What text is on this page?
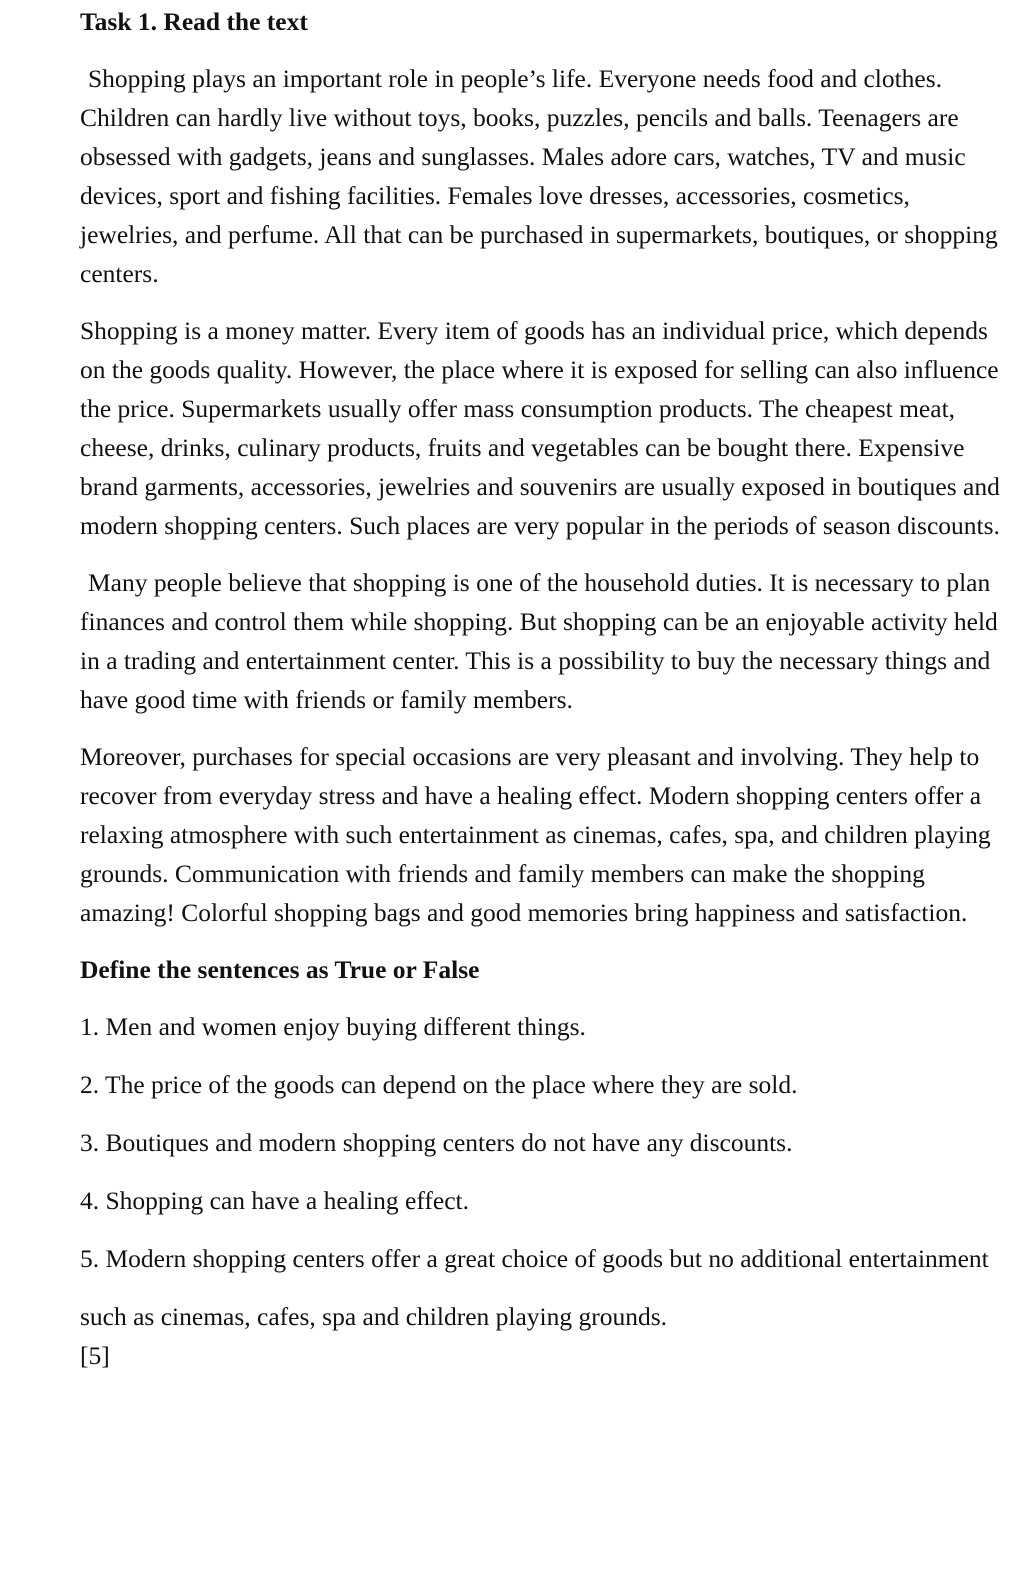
Task 1. Read the text

Shopping plays an important role in people’s life. Everyone needs food and clothes. Children can hardly live without toys, books, puzzles, pencils and balls. Teenagers are obsessed with gadgets, jeans and sunglasses. Males adore cars, watches, TV and music devices, sport and fishing facilities. Females love dresses, accessories, cosmetics, jewelries, and perfume. All that can be purchased in supermarkets, boutiques, or shopping centers.

Shopping is a money matter. Every item of goods has an individual price, which depends on the goods quality. However, the place where it is exposed for selling can also influence the price. Supermarkets usually offer mass consumption products. The cheapest meat, cheese, drinks, culinary products, fruits and vegetables can be bought there. Expensive brand garments, accessories, jewelries and souvenirs are usually exposed in boutiques and modern shopping centers. Such places are very popular in the periods of season discounts.

Many people believe that shopping is one of the household duties. It is necessary to plan finances and control them while shopping. But shopping can be an enjoyable activity held in a trading and entertainment center. This is a possibility to buy the necessary things and have good time with friends or family members.

Moreover, purchases for special occasions are very pleasant and involving. They help to recover from everyday stress and have a healing effect. Modern shopping centers offer a relaxing atmosphere with such entertainment as cinemas, cafes, spa, and children playing grounds. Communication with friends and family members can make the shopping amazing! Colorful shopping bags and good memories bring happiness and satisfaction.

Define the sentences as True or False

1. Men and women enjoy buying different things.

2. The price of the goods can depend on the place where they are sold.

3. Boutiques and modern shopping centers do not have any discounts.

4. Shopping can have a healing effect.

5. Modern shopping centers offer a great choice of goods but no additional entertainment

such as cinemas, cafes, spa and children playing grounds.

[5]
